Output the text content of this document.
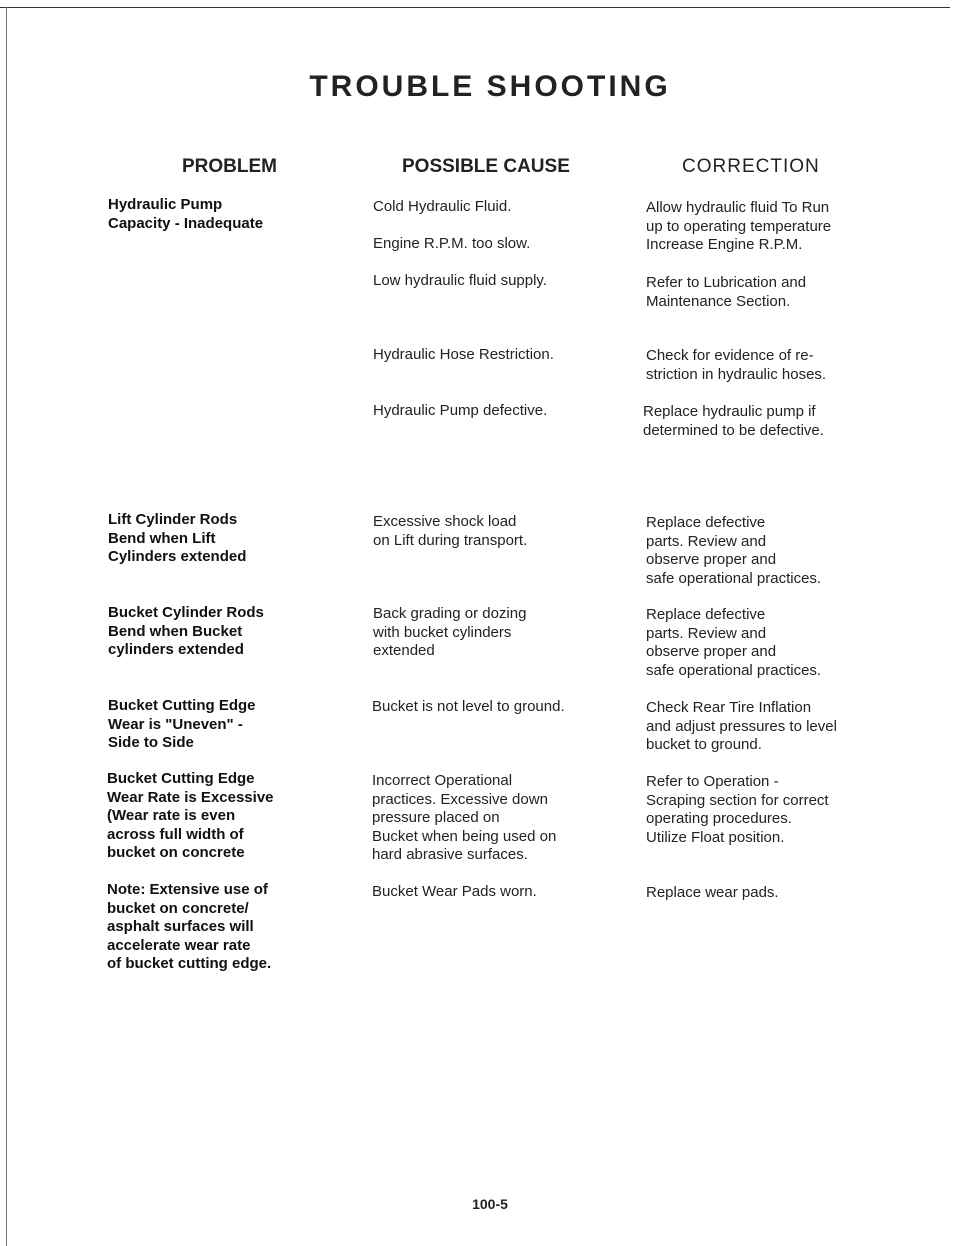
TROUBLE SHOOTING
PROBLEM	POSSIBLE CAUSE	CORRECTION
Hydraulic Pump
Capacity - Inadequate
Lift Cylinder Rods
Bend when Lift
Cylinders extended
Bucket Cylinder Rods
Bend when Bucket
cylinders extended
Bucket Cutting Edge
Wear is "Uneven" -
Side to Side
Bucket Cutting Edge
Wear Rate is Excessive
(Wear rate is even
across full width of
bucket on concrete
Note: Extensive use of
bucket on concrete/
asphalt surfaces will
accelerate wear rate
of bucket cutting edge.
Cold Hydraulic Fluid.
Engine R.P.M. too slow.
Low hydraulic fluid supply.
Hydraulic Hose Restriction.
Hydraulic Pump defective.
Excessive shock load
on Lift during transport.
Back grading or dozing
with bucket cylinders
extended
Bucket is not level to ground.
Incorrect Operational
practices. Excessive down
pressure placed on
Bucket when being used on
hard abrasive surfaces.
Bucket Wear Pads worn.
Allow hydraulic fluid To Run
up to operating temperature
Increase Engine R.P.M.
Refer to Lubrication and
Maintenance Section.
Check for evidence of re-
striction in hydraulic hoses.
Replace hydraulic pump if
determined to be defective.
Replace defective
parts. Review and
observe proper and
safe operational practices.
Replace defective
parts. Review and
observe proper and
safe operational practices.
Check Rear Tire Inflation
and adjust pressures to level
bucket to ground.
Refer to Operation -
Scraping section for correct
operating procedures.
Utilize Float position.
Replace wear pads.
100-5
